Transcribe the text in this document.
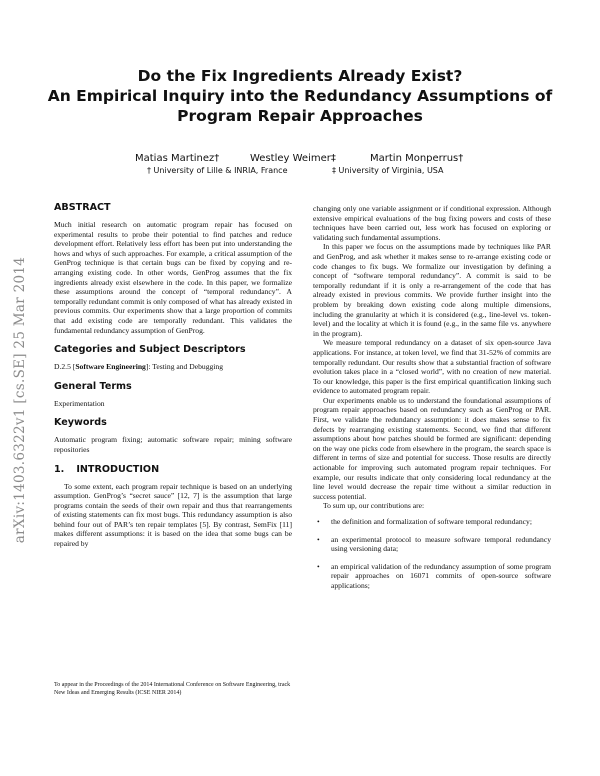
arXiv:1403.6322v1 [cs.SE] 25 Mar 2014
Do the Fix Ingredients Already Exist?
An Empirical Inquiry into the Redundancy Assumptions of
Program Repair Approaches
Matias Martinez†	Westley Weimer‡	Martin Monperrus†
† University of Lille & INRIA, France	‡ University of Virginia, USA
ABSTRACT

Much initial research on automatic program repair has focused on experimental results to probe their potential to find patches and reduce development effort. Relatively less effort has been put into understanding the hows and whys of such approaches. For example, a critical assumption of the GenProg technique is that certain bugs can be fixed by copying and re-arranging existing code. In other words, GenProg assumes that the fix ingredients already exist elsewhere in the code. In this paper, we formalize these assumptions around the concept of “temporal redundancy”. A temporally redundant commit is only composed of what has already existed in previous commits. Our experiments show that a large proportion of commits that add existing code are temporally redundant. This validates the fundamental redundancy assumption of GenProg.

Categories and Subject Descriptors

D.2.5 [Software Engineering]: Testing and Debugging

General Terms

Experimentation

Keywords

Automatic program fixing; automatic software repair; mining software repositories

1. INTRODUCTION

To some extent, each program repair technique is based on an underlying assumption. GenProg’s “secret sauce” [12, 7] is the assumption that large programs contain the seeds of their own repair and thus that rearrangements of existing statements can fix most bugs. This redundancy assumption is also behind four out of PAR’s ten repair templates [5]. By contrast, SemFix [11] makes different assumptions: it is based on the idea that some bugs can be repaired by

changing only one variable assignment or if conditional expression. Although extensive empirical evaluations of the bug fixing powers and costs of these techniques have been carried out, less work has focused on exploring or validating such fundamental assumptions.

In this paper we focus on the assumptions made by techniques like PAR and GenProg, and ask whether it makes sense to re-arrange existing code or code changes to fix bugs. We formalize our investigation by defining a concept of “software temporal redundancy”. A commit is said to be temporally redundant if it is only a re-arrangement of the code that has already existed in previous commits. We provide further insight into the problem by breaking down existing code along multiple dimensions, including the granularity at which it is considered (e.g., line-level vs. token-level) and the locality at which it is found (e.g., in the same file vs. anywhere in the program).

We measure temporal redundancy on a dataset of six open-source Java applications. For instance, at token level, we find that 31-52% of commits are temporally redundant. Our results show that a substantial fraction of software evolution takes place in a “closed world”, with no creation of new material. To our knowledge, this paper is the first empirical quantification linking such evidence to automated program repair.

Our experiments enable us to understand the foundational assumptions of program repair approaches based on redundancy such as GenProg or PAR. First, we validate the redundancy assumption: it does makes sense to fix defects by rearranging existing statements. Second, we find that different assumptions about how patches should be formed are significant: depending on the way one picks code from elsewhere in the program, the search space is different in terms of size and potential for success. Those results are directly actionable for improving such automated program repair techniques. For example, our results indicate that only considering local redundancy at the line level would decrease the repair time without a similar reduction in success potential.

To sum up, our contributions are:

• the definition and formalization of software temporal redundancy;
• an experimental protocol to measure software temporal redundancy using versioning data;
• an empirical validation of the redundancy assumption of some program repair approaches on 16071 commits of open-source software applications;
To appear in the Proceedings of the 2014 International Conference on Software Engineering, track New Ideas and Emerging Results (ICSE NIER 2014)
